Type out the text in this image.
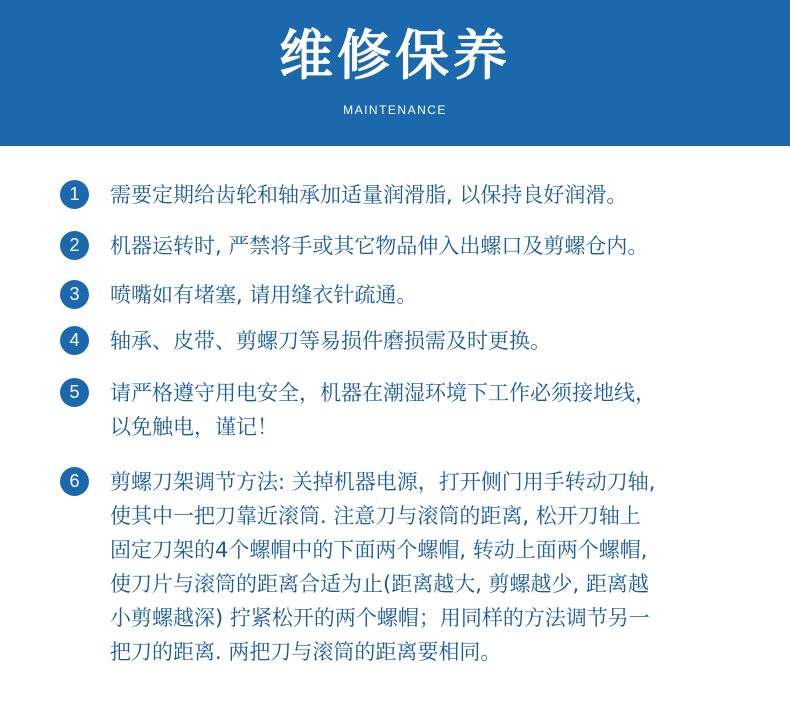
维修保养
MAINTENANCE
1	需要定期给齿轮和轴承加适量润滑脂, 以保持良好润滑。
2	机器运转时, 严禁将手或其它物品伸入出螺口及剪螺仓内。
3	喷嘴如有堵塞, 请用缝衣针疏通。
4	轴承、皮带、剪螺刀等易损件磨损需及时更换。
5	请严格遵守用电安全，机器在潮湿环境下工作必须接地线，
以免触电，谨记！
6	剪螺刀架调节方法: 关掉机器电源，打开侧门用手转动刀轴,
使其中一把刀靠近滚筒. 注意刀与滚筒的距离, 松开刀轴上
固定刀架的4个螺帽中的下面两个螺帽, 转动上面两个螺帽,
使刀片与滚筒的距离合适为止(距离越大, 剪螺越少, 距离越
小剪螺越深) 拧紧松开的两个螺帽；用同样的方法调节另一
把刀的距离. 两把刀与滚筒的距离要相同。
